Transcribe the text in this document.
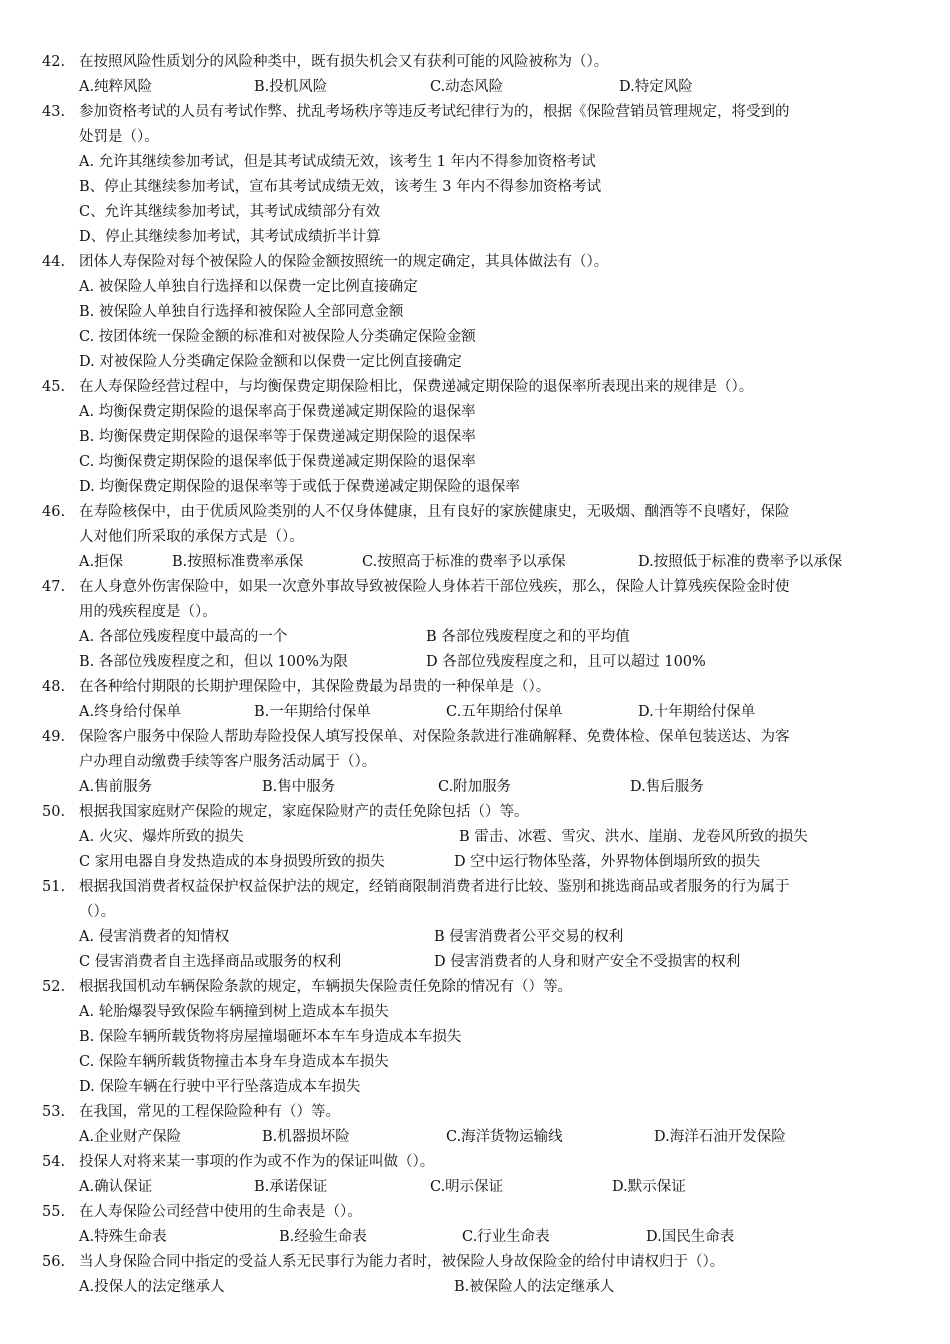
42. 在按照风险性质划分的风险种类中，既有损失机会又有获利可能的风险被称为（）。
A.纯粹风险	B.投机风险	C.动态风险	D.特定风险
43. 参加资格考试的人员有考试作弊、扰乱考场秩序等违反考试纪律行为的，根据《保险营销员管理规定，将受到的
处罚是（）。
A. 允许其继续参加考试，但是其考试成绩无效，该考生 1 年内不得参加资格考试
B、停止其继续参加考试，宣布其考试成绩无效，该考生 3 年内不得参加资格考试
C、允许其继续参加考试，其考试成绩部分有效
D、停止其继续参加考试，其考试成绩折半计算
44. 团体人寿保险对每个被保险人的保险金额按照统一的规定确定，其具体做法有（）。
A. 被保险人单独自行选择和以保费一定比例直接确定
B. 被保险人单独自行选择和被保险人全部同意金额
C. 按团体统一保险金额的标准和对被保险人分类确定保险金额
D. 对被保险人分类确定保险金额和以保费一定比例直接确定
45. 在人寿保险经营过程中，与均衡保费定期保险相比，保费递减定期保险的退保率所表现出来的规律是（）。
A. 均衡保费定期保险的退保率高于保费递减定期保险的退保率
B. 均衡保费定期保险的退保率等于保费递减定期保险的退保率
C. 均衡保费定期保险的退保率低于保费递减定期保险的退保率
D. 均衡保费定期保险的退保率等于或低于保费递减定期保险的退保率
46. 在寿险核保中，由于优质风险类别的人不仅身体健康，且有良好的家族健康史，无吸烟、酗酒等不良嗜好，保险
人对他们所采取的承保方式是（）。
A.拒保	B.按照标准费率承保	C.按照高于标准的费率予以承保	D.按照低于标准的费率予以承保
47. 在人身意外伤害保险中，如果一次意外事故导致被保险人身体若干部位残疾，那么，保险人计算残疾保险金时使
用的残疾程度是（）。
A. 各部位残废程度中最高的一个	B 各部位残废程度之和的平均值
B. 各部位残废程度之和，但以 100%为限	D 各部位残废程度之和，且可以超过 100%
48. 在各种给付期限的长期护理保险中，其保险费最为昂贵的一种保单是（）。
A.终身给付保单	B.一年期给付保单	C.五年期给付保单	D.十年期给付保单
49. 保险客户服务中保险人帮助寿险投保人填写投保单、对保险条款进行准确解释、免费体检、保单包装送达、为客
户办理自动缴费手续等客户服务活动属于（）。
A.售前服务	B.售中服务	C.附加服务	D.售后服务
50. 根据我国家庭财产保险的规定，家庭保险财产的责任免除包括（）等。
A. 火灾、爆炸所致的损失	B 雷击、冰雹、雪灾、洪水、崖崩、龙卷风所致的损失
C 家用电器自身发热造成的本身损毁所致的损失	D 空中运行物体坠落，外界物体倒塌所致的损失
51. 根据我国消费者权益保护权益保护法的规定，经销商限制消费者进行比较、鉴别和挑选商品或者服务的行为属于
（）。
A. 侵害消费者的知情权	B 侵害消费者公平交易的权利
C 侵害消费者自主选择商品或服务的权利	D 侵害消费者的人身和财产安全不受损害的权利
52. 根据我国机动车辆保险条款的规定，车辆损失保险责任免除的情况有（）等。
A. 轮胎爆裂导致保险车辆撞到树上造成本车损失
B. 保险车辆所载货物将房屋撞塌砸坏本车车身造成本车损失
C. 保险车辆所载货物撞击本身车身造成本车损失
D. 保险车辆在行驶中平行坠落造成本车损失
53. 在我国，常见的工程保险险种有（）等。
A.企业财产保险	B.机器损坏险	C.海洋货物运输线	D.海洋石油开发保险
54. 投保人对将来某一事项的作为或不作为的保证叫做（）。
A.确认保证	B.承诺保证	C.明示保证	D.默示保证
55. 在人寿保险公司经营中使用的生命表是（）。
A.特殊生命表	B.经验生命表	C.行业生命表	D.国民生命表
56. 当人身保险合同中指定的受益人系无民事行为能力者时，被保险人身故保险金的给付申请权归于（）。
A.投保人的法定继承人	B.被保险人的法定继承人
